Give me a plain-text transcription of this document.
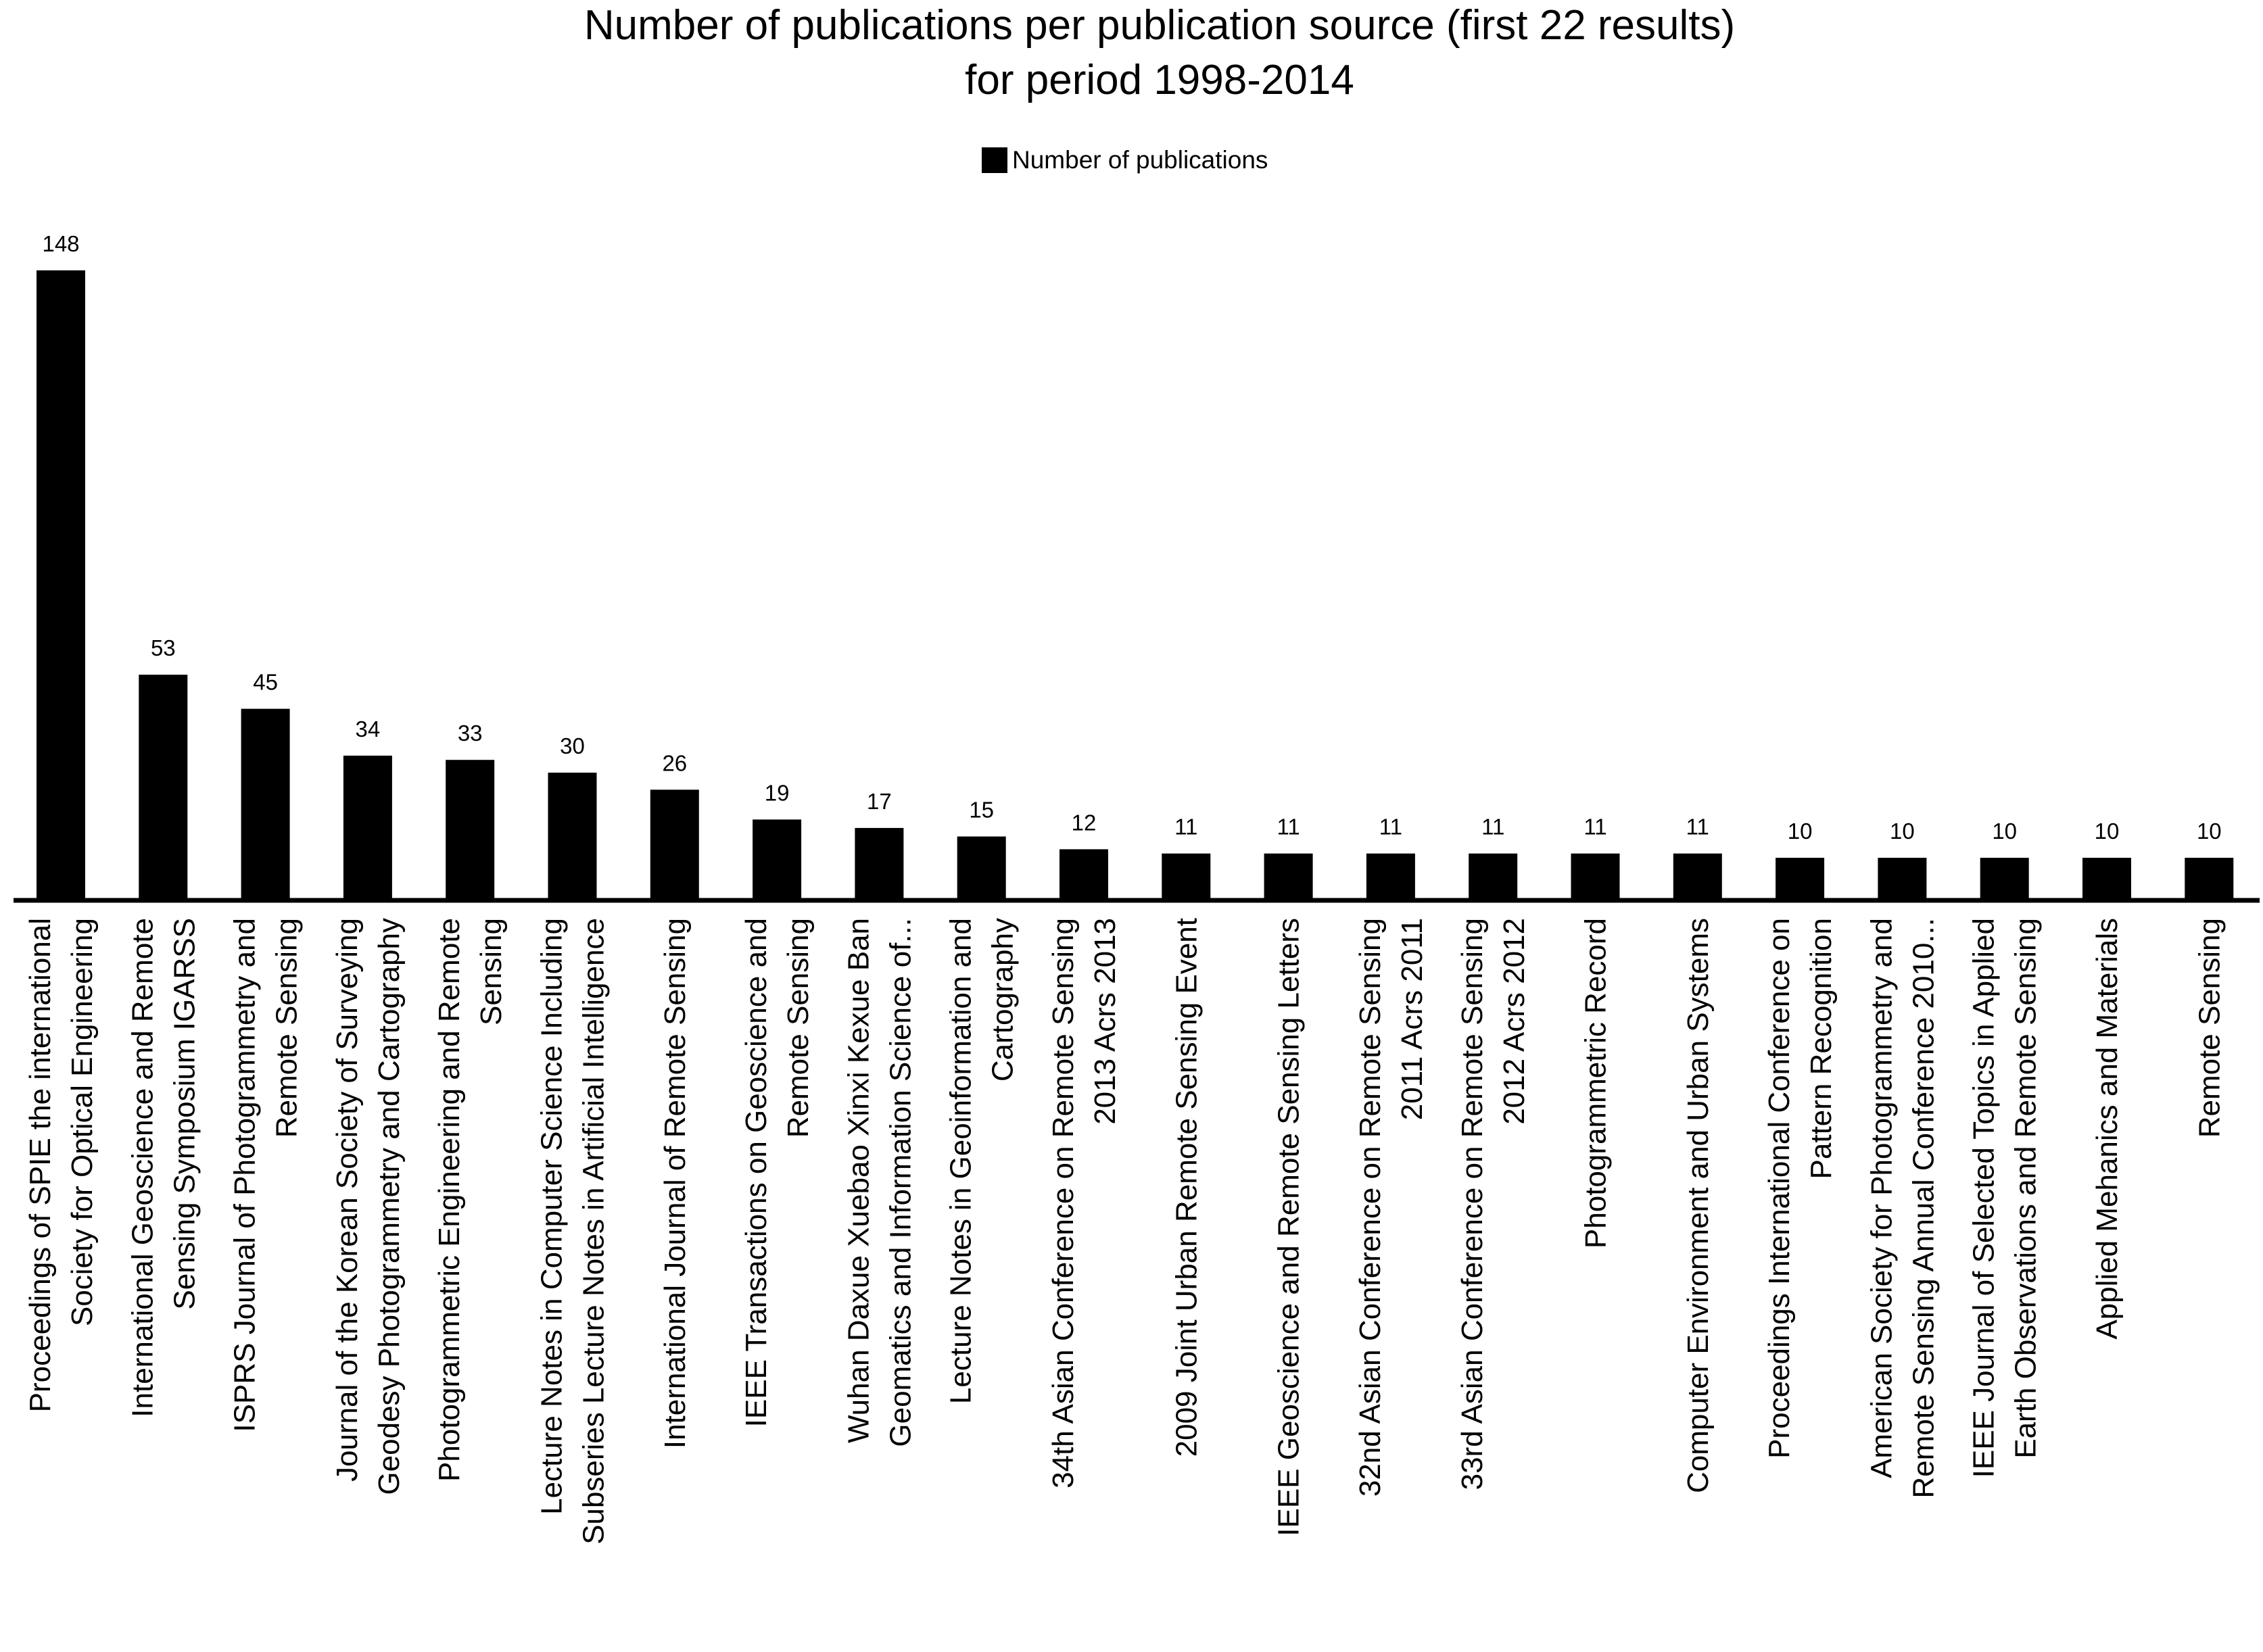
Number of publications per publication source (first 22 results)
for period 1998-2014
Number of publications
148
53
45
34	33
30
26
19	17	15
12	11	11	11	11	11	11	10	10	10	10	10
Proceedings of SPIE the international Society for Optical Engineering International Geoscience and Remote Sensing Symposium IGARSS ISPRS Journal of Photogrammetry and Remote Sensing Journal of the Korean Society of Surveying Geodesy Photogrammetry and Cartography Photogrammetric Engineering and Remote Sensing Lecture Notes in Computer Science Including Subseries Lecture Notes in Artificial Intelligence International Journal of Remote Sensing IEEE Transactions on Geoscience and Remote Sensing Wuhan Daxue Xuebao Xinxi Kexue Ban Geomatics and Information Science of... Lecture Notes in Geoinformation and Cartography 34th Asian Conference on Remote Sensing 2013 Acrs 2013 2009 Joint Urban Remote Sensing Event IEEE Geoscience and Remote Sensing Letters 32nd Asian Conference on Remote Sensing 2011 Acrs 2011 33rd Asian Conference on Remote Sensing 2012 Acrs 2012 Photogrammetric Record Computer Environment and Urban Systems Proceedings International Conference on Pattern Recognition American Society for Photogrammetry and Remote Sensing Annual Conference 2010... IEEE Journal of Selected Topics in Applied Earth Observations and Remote Sensing Applied Mehanics and Materials Remote Sensing
